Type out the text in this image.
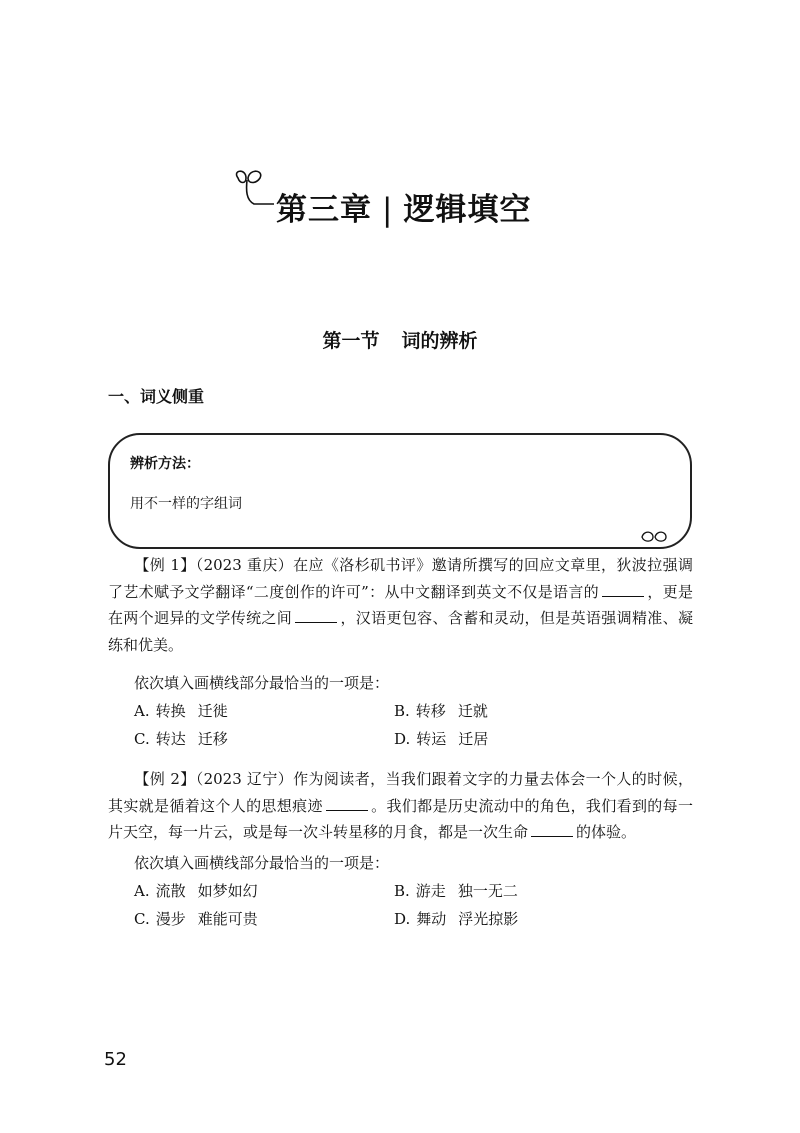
第三章 | 逻辑填空
第一节 词的辨析
一、词义侧重
辨析方法：
用不一样的字组词
【例 1】（2023 重庆）在应《洛杉矶书评》邀请所撰写的回应文章里，狄波拉强调了艺术赋予文学翻译“二度创作的许可”：从中文翻译到英文不仅是语言的	，更是在两个迥异的文学传统之间	，汉语更包容、含蓄和灵动，但是英语强调精准、凝练和优美。
依次填入画横线部分最恰当的一项是：
A. 转换 迁徙	B. 转移 迁就
C. 转达 迁移	D. 转运 迁居
【例 2】（2023 辽宁）作为阅读者，当我们跟着文字的力量去体会一个人的时候，其实就是循着这个人的思想痕迹	。我们都是历史流动中的角色，我们看到的每一片天空，每一片云，或是每一次斗转星移的月食，都是一次生命	的体验。
依次填入画横线部分最恰当的一项是：
A. 流散 如梦如幻	B. 游走 独一无二
C. 漫步 难能可贵	D. 舞动 浮光掠影
52
